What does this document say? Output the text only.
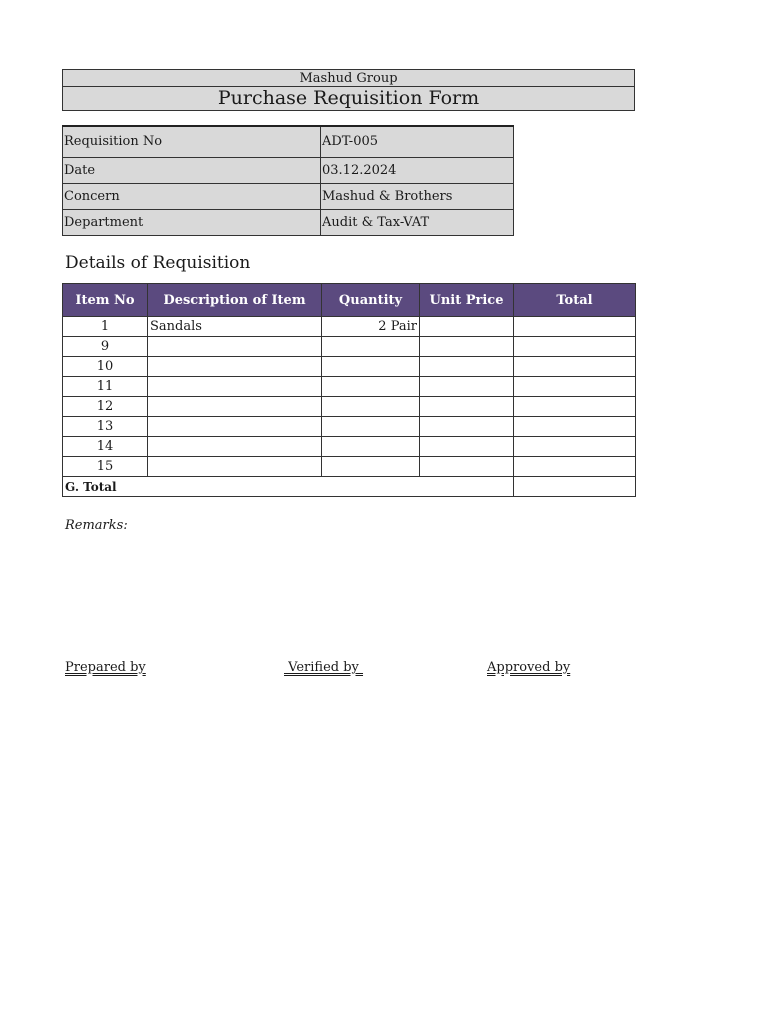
Mashud Group
Purchase Requisition Form
Requisition No	ADT-005
Date	03.12.2024
Concern	Mashud & Brothers
Department	Audit & Tax-VAT
Details of Requisition
Item No	Description of Item	Quantity	Unit Price	Total
1	Sandals	2 Pair		
9				
10				
11				
12				
13				
14				
15				
G. Total				
Remarks:
Prepared by	Verified by	Approved by
